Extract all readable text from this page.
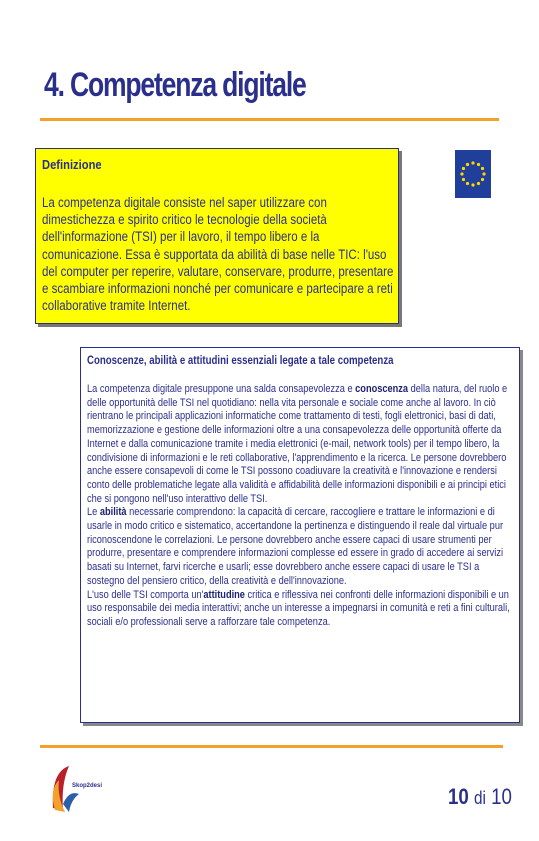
4. Competenza digitale
Definizione
La competenza digitale consiste nel saper utilizzare con dimestichezza e spirito critico le tecnologie della società dell'informazione (TSI) per il lavoro, il tempo libero e la comunicazione. Essa è supportata da abilità di base nelle TIC: l'uso del computer per reperire, valutare, conservare, produrre, presentare e scambiare informazioni nonché per comunicare e partecipare a reti collaborative tramite Internet.
Conoscenze, abilità e attitudini essenziali legate a tale competenza
La competenza digitale presuppone una salda consapevolezza e conoscenza della natura, del ruolo e delle opportunità delle TSI nel quotidiano: nella vita personale e sociale come anche al lavoro. In ciò rientrano le principali applicazioni informatiche come trattamento di testi, fogli elettronici, basi di dati, memorizzazione e gestione delle informazioni oltre a una consapevolezza delle opportunità offerte da Internet e dalla comunicazione tramite i media elettronici (e-mail, network tools) per il tempo libero, la condivisione di informazioni e le reti collaborative, l'apprendimento e la ricerca. Le persone dovrebbero anche essere consapevoli di come le TSI possono coadiuvare la creatività e l'innovazione e rendersi conto delle problematiche legate alla validità e affidabilità delle informazioni disponibili e ai principi etici che si pongono nell'uso interattivo delle TSI.
Le abilità necessarie comprendono: la capacità di cercare, raccogliere e trattare le informazioni e di usarle in modo critico e sistematico, accertandone la pertinenza e distinguendo il reale dal virtuale pur riconoscendone le correlazioni. Le persone dovrebbero anche essere capaci di usare strumenti per produrre, presentare e comprendere informazioni complesse ed essere in grado di accedere ai servizi basati su Internet, farvi ricerche e usarli; esse dovrebbero anche essere capaci di usare le TSI a sostegno del pensiero critico, della creatività e dell'innovazione.
L'uso delle TSI comporta un'attitudine critica e riflessiva nei confronti delle informazioni disponibili e un uso responsabile dei media interattivi; anche un interesse a impegnarsi in comunità e reti a fini culturali, sociali e/o professionali serve a rafforzare tale competenza.
Skop2desi	10 di 10
